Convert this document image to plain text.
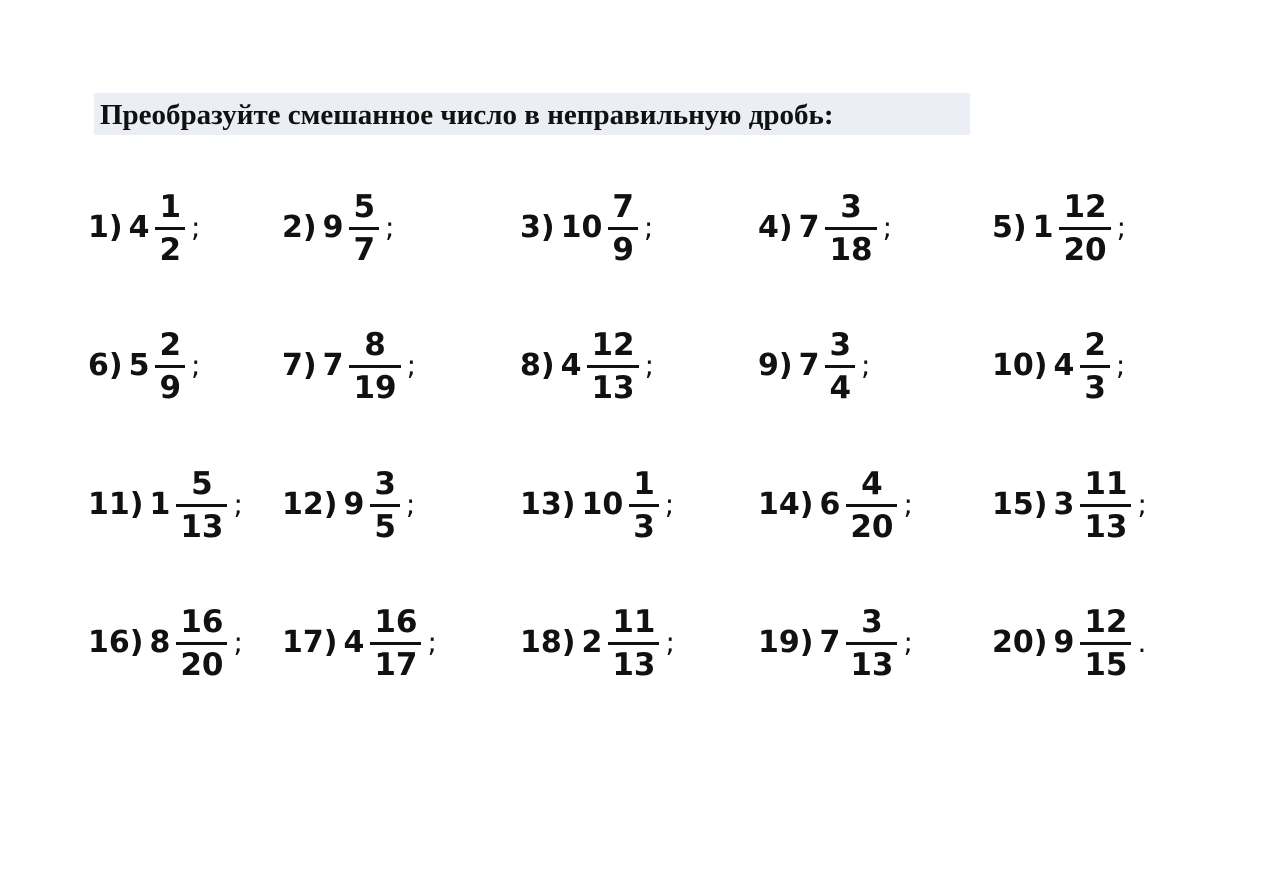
Преобразуйте смешанное число в неправильную дробь:
1) $4 \frac{1}{2}$ ;	2) $9 \frac{5}{7}$ ;	3) $10 \frac{7}{9}$ ;	4) $7 \frac{3}{18}$ ;	5) $1 \frac{12}{20}$ ;
6) $5 \frac{2}{9}$ ;	7) $7 \frac{8}{19}$ ;	8) $4 \frac{12}{13}$ ;	9) $7 \frac{3}{4}$ ;	10) $4 \frac{2}{3}$ ;
11) $1 \frac{5}{13}$ ; 12) $9 \frac{3}{5}$ ;	13) $10 \frac{1}{3}$ ;	14) $6 \frac{4}{20}$ ;	15) $3 \frac{11}{13}$ ;
16) $8 \frac{16}{20}$ ; 17) $4 \frac{16}{17}$ ;	18) $2 \frac{11}{13}$ ;	19) $7 \frac{3}{13}$ ;	20) $9 \frac{12}{15}$ .
